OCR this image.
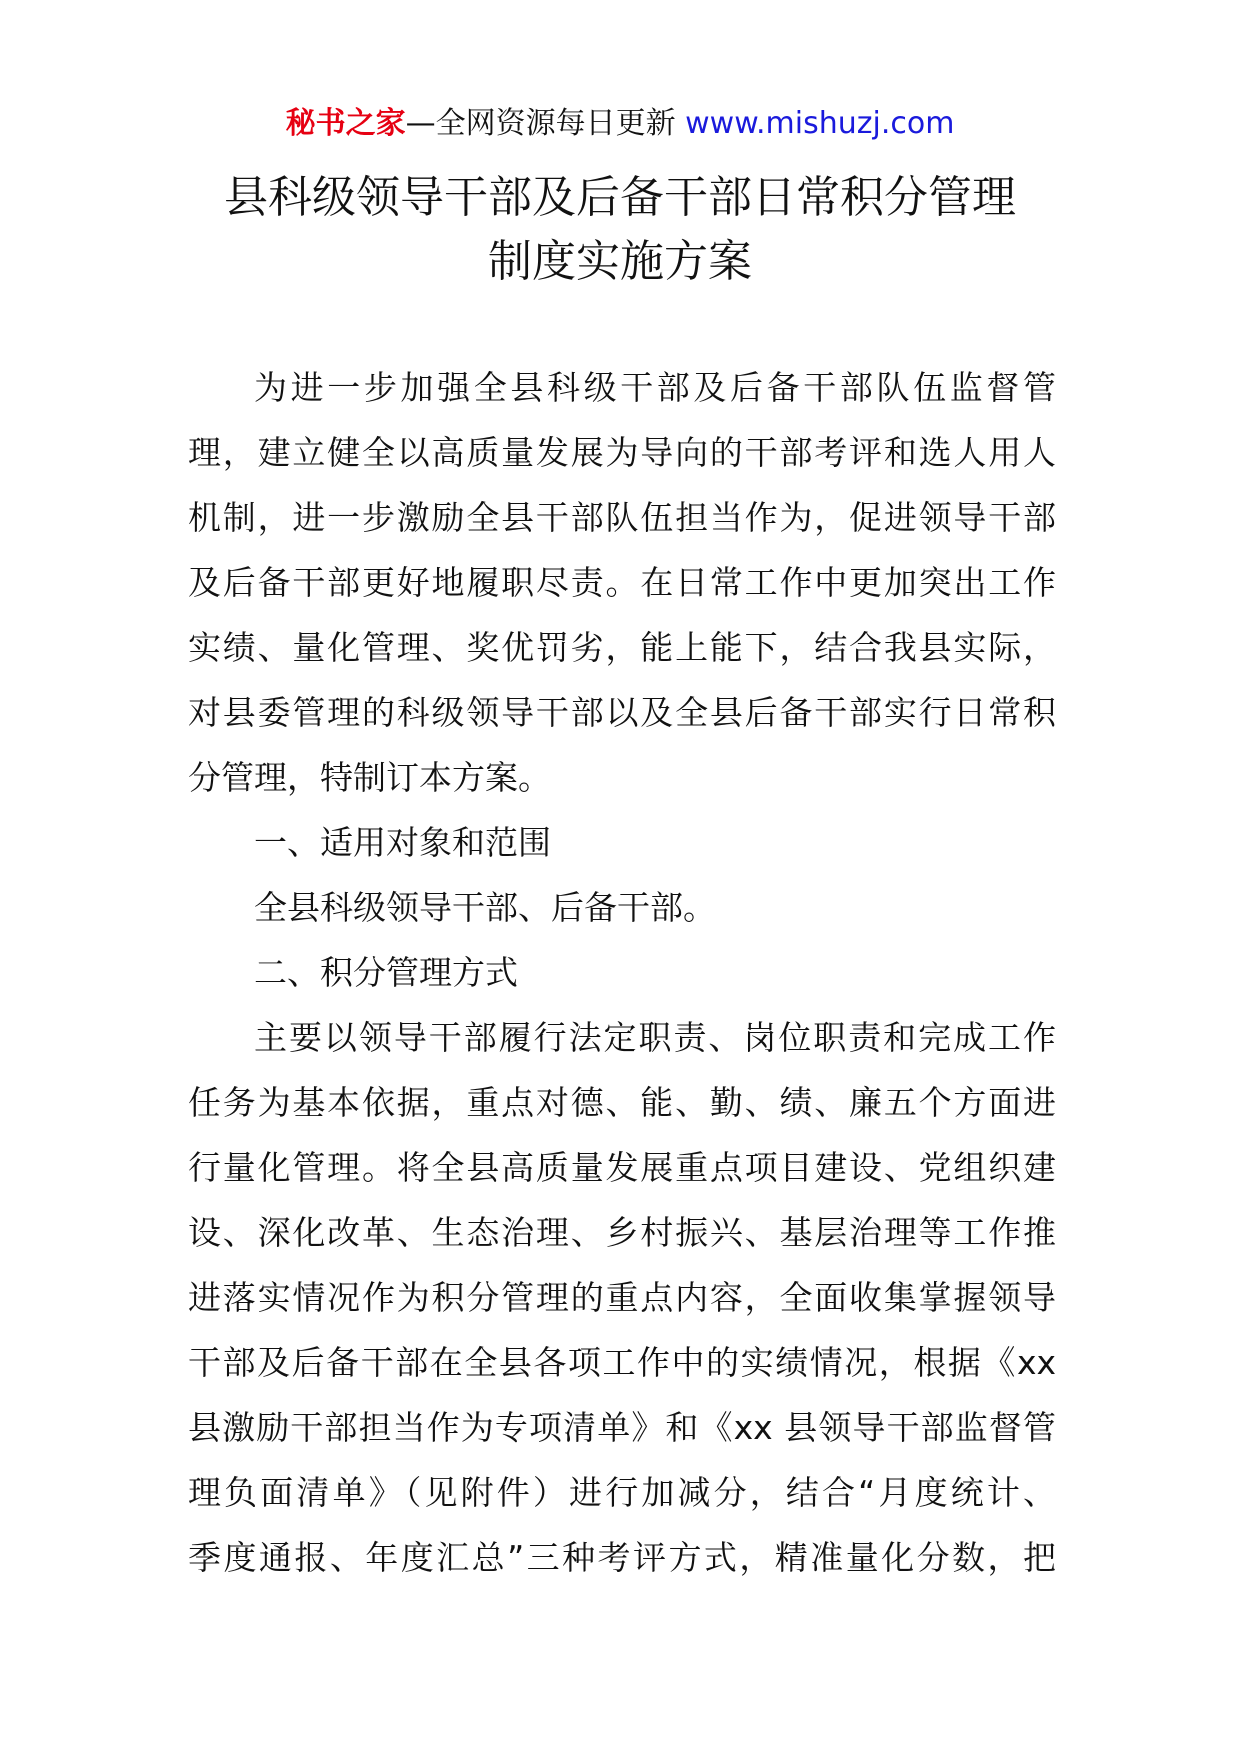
秘书之家—全网资源每日更新 www.mishuzj.com
县科级领导干部及后备干部日常积分管理
制度实施方案
为进一步加强全县科级干部及后备干部队伍监督管
理，建立健全以高质量发展为导向的干部考评和选人用人
机制，进一步激励全县干部队伍担当作为，促进领导干部
及后备干部更好地履职尽责。在日常工作中更加突出工作
实绩、量化管理、奖优罚劣，能上能下，结合我县实际，
对县委管理的科级领导干部以及全县后备干部实行日常积
分管理，特制订本方案。
一、适用对象和范围
全县科级领导干部、后备干部。
二、积分管理方式
主要以领导干部履行法定职责、岗位职责和完成工作
任务为基本依据，重点对德、能、勤、绩、廉五个方面进
行量化管理。将全县高质量发展重点项目建设、党组织建
设、深化改革、生态治理、乡村振兴、基层治理等工作推
进落实情况作为积分管理的重点内容，全面收集掌握领导
干部及后备干部在全县各项工作中的实绩情况，根据《xx
县激励干部担当作为专项清单》和《xx 县领导干部监督管
理负面清单》（见附件）进行加减分，结合“月度统计、
季度通报、年度汇总”三种考评方式，精准量化分数，把
